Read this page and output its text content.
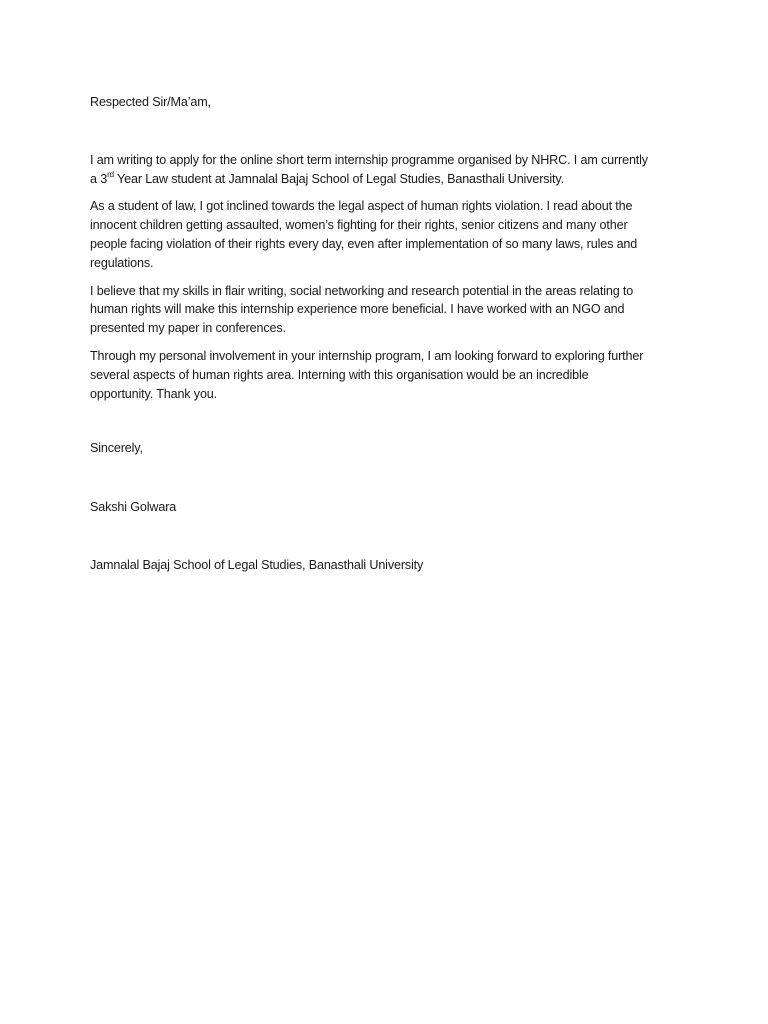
Respected Sir/Ma’am,

I am writing to apply for the online short term internship programme organised by NHRC. I am currently
a 3rd Year Law student at Jamnalal Bajaj School of Legal Studies, Banasthali University.

As a student of law, I got inclined towards the legal aspect of human rights violation. I read about the
innocent children getting assaulted, women’s fighting for their rights, senior citizens and many other
people facing violation of their rights every day, even after implementation of so many laws, rules and
regulations.

I believe that my skills in flair writing, social networking and research potential in the areas relating to
human rights will make this internship experience more beneficial. I have worked with an NGO and
presented my paper in conferences.

Through my personal involvement in your internship program, I am looking forward to exploring further
several aspects of human rights area. Interning with this organisation would be an incredible
opportunity. Thank you.

Sincerely,

Sakshi Golwara

Jamnalal Bajaj School of Legal Studies, Banasthali University
